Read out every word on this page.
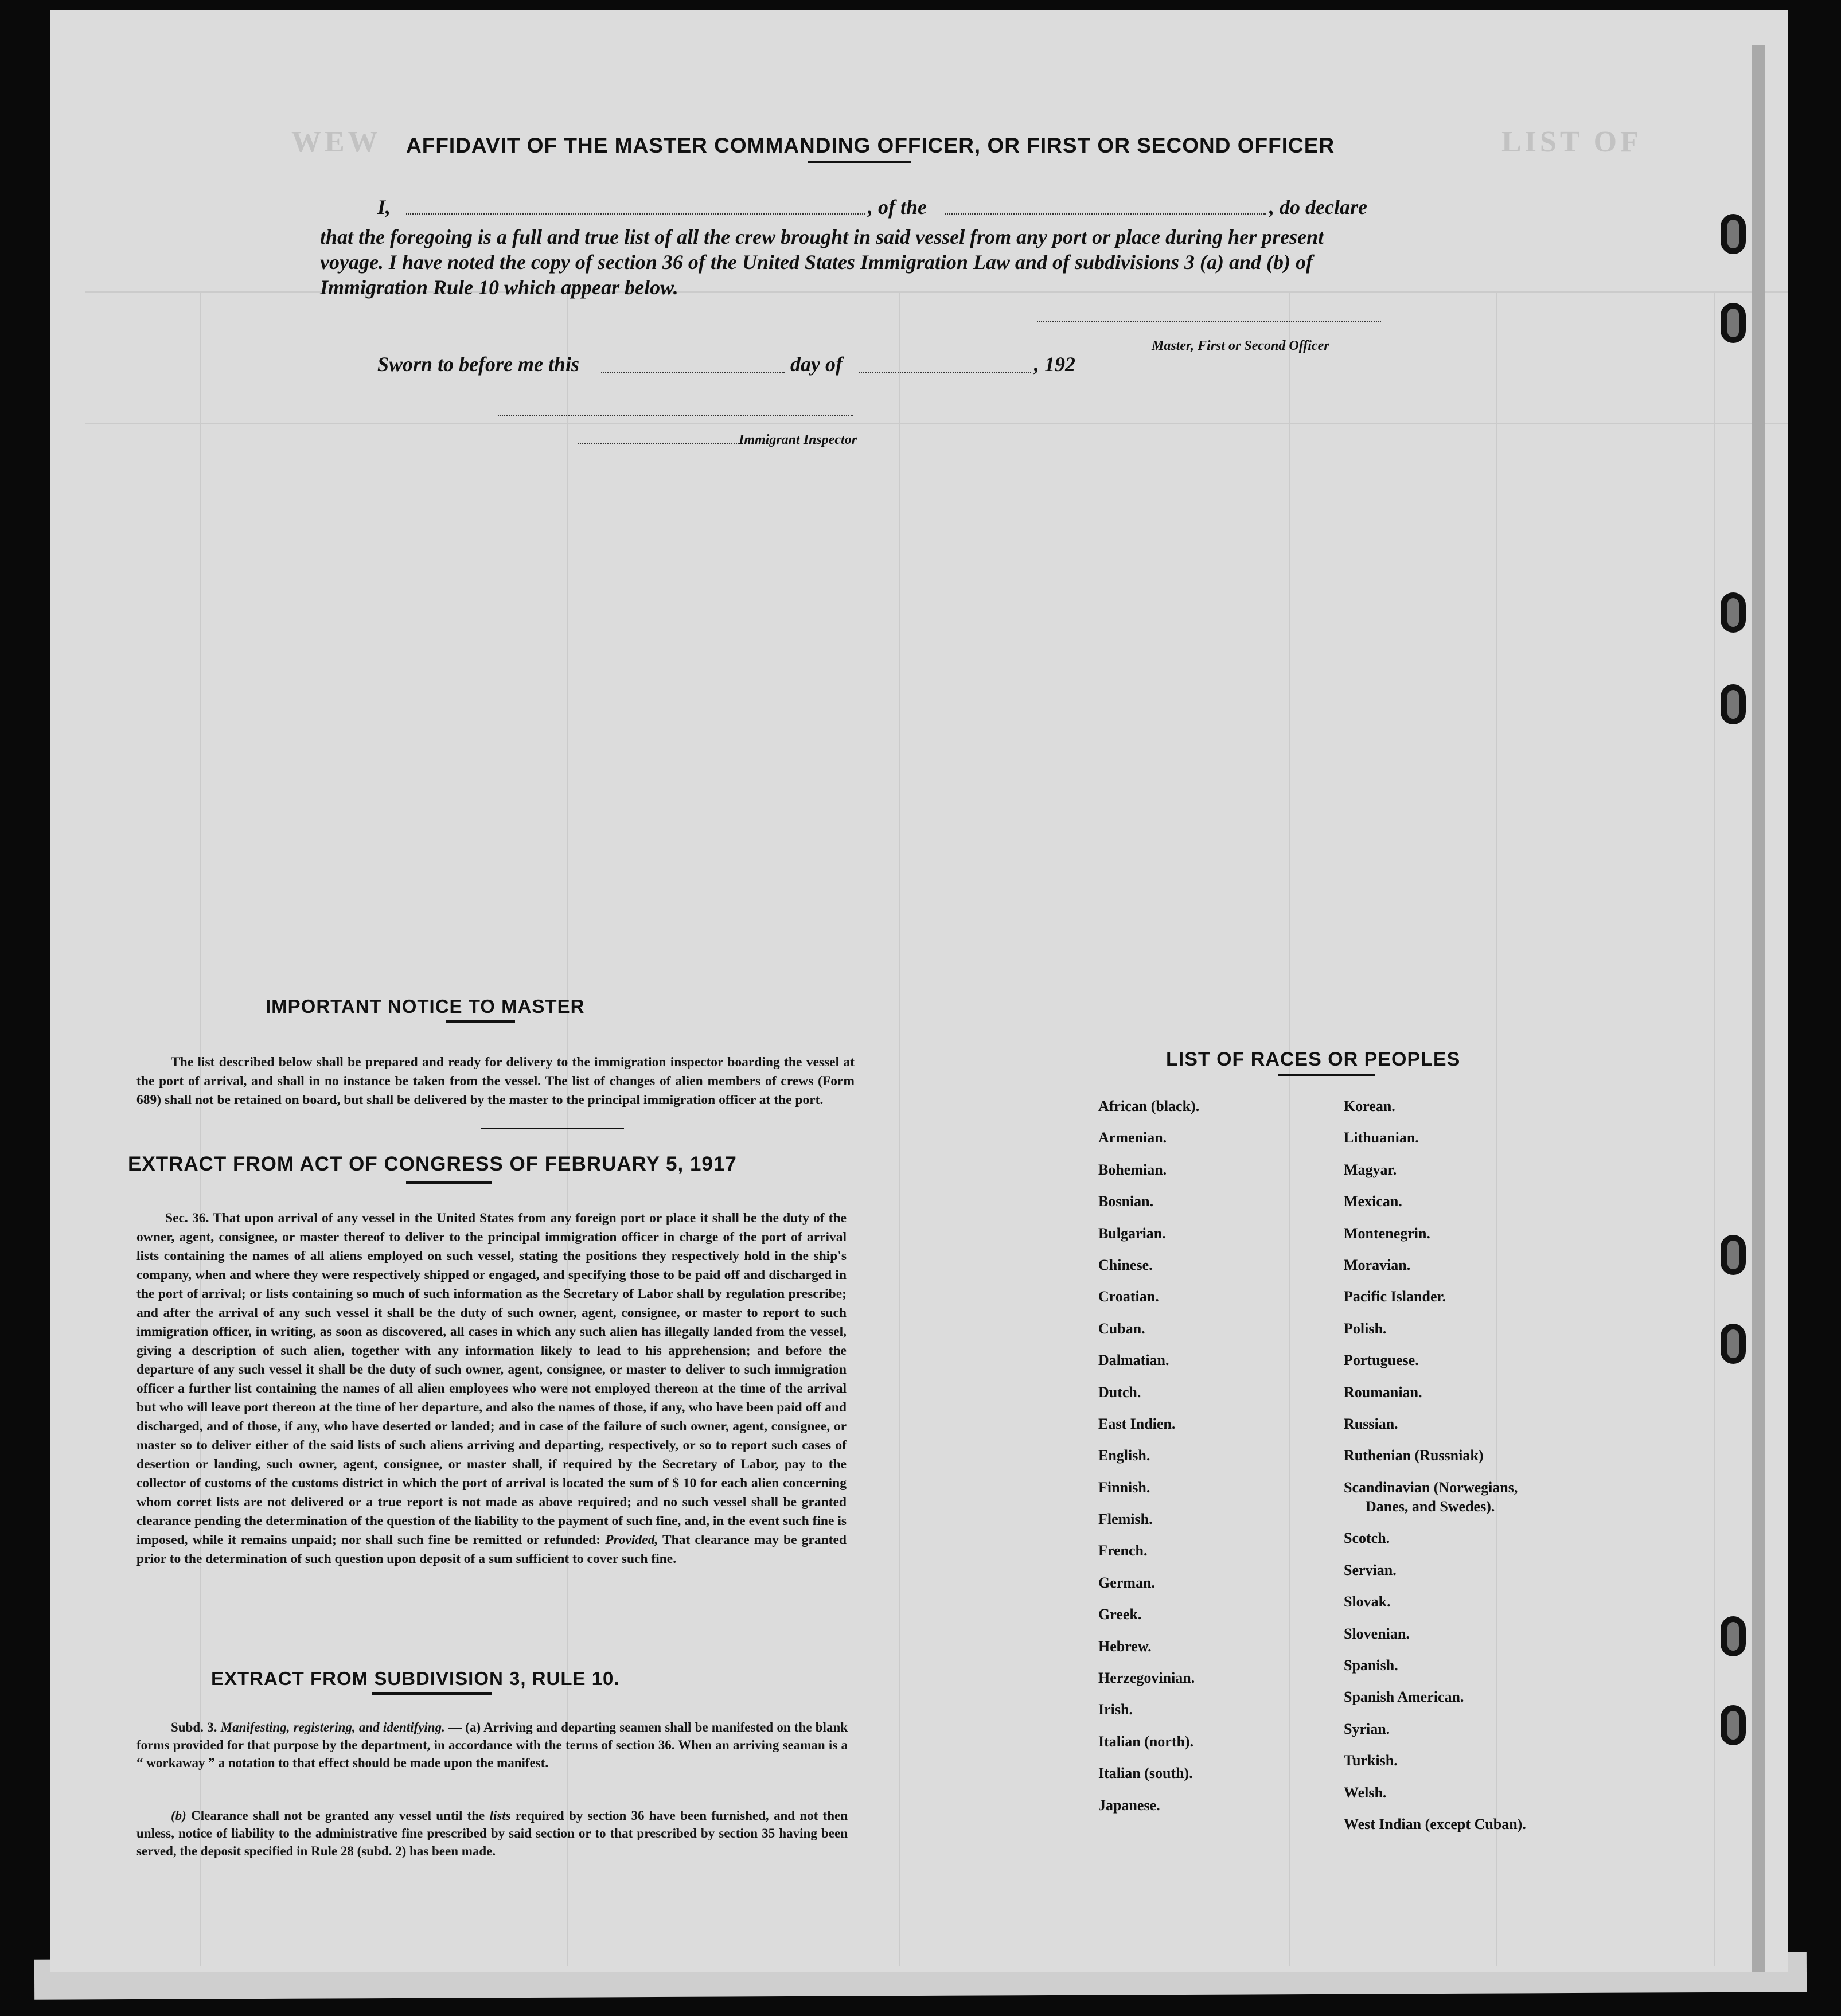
WEW	LIST OF
AFFIDAVIT OF THE MASTER COMMANDING OFFICER, OR FIRST OR SECOND OFFICER
I,	, of the	, do declare
that the foregoing is a full and true list of all the crew brought in said vessel from any port or place during her present
voyage. I have noted the copy of section 36 of the United States Immigration Law and of subdivisions 3 (a) and (b) of
Immigration Rule 10 which appear below.
Master, First or Second Officer
Sworn to before me this	day of	, 192
Immigrant Inspector
IMPORTANT NOTICE TO MASTER
The list described below shall be prepared and ready for delivery to the immigration inspector boarding the vessel at the port of arrival, and shall in no instance be taken from the vessel. The list of changes of alien members of crews (Form 689) shall not be retained on board, but shall be delivered by the master to the principal immigration officer at the port.
EXTRACT FROM ACT OF CONGRESS OF FEBRUARY 5, 1917
Sec. 36. That upon arrival of any vessel in the United States from any foreign port or place it shall be the duty of the owner, agent, consignee, or master thereof to deliver to the principal immigration officer in charge of the port of arrival lists containing the names of all aliens employed on such vessel, stating the positions they respectively hold in the ship's company, when and where they were respectively shipped or engaged, and specifying those to be paid off and discharged in the port of arrival; or lists containing so much of such information as the Secretary of Labor shall by regulation prescribe; and after the arrival of any such vessel it shall be the duty of such owner, agent, consignee, or master to report to such immigration officer, in writing, as soon as discovered, all cases in which any such alien has illegally landed from the vessel, giving a description of such alien, together with any information likely to lead to his apprehension; and before the departure of any such vessel it shall be the duty of such owner, agent, consignee, or master to deliver to such immigration officer a further list containing the names of all alien employees who were not employed thereon at the time of the arrival but who will leave port thereon at the time of her departure, and also the names of those, if any, who have been paid off and discharged, and of those, if any, who have deserted or landed; and in case of the failure of such owner, agent, consignee, or master so to deliver either of the said lists of such aliens arriving and departing, respectively, or so to report such cases of desertion or landing, such owner, agent, consignee, or master shall, if required by the Secretary of Labor, pay to the collector of customs of the customs district in which the port of arrival is located the sum of $ 10 for each alien concerning whom corret lists are not delivered or a true report is not made as above required; and no such vessel shall be granted clearance pending the determination of the question of the liability to the payment of such fine, and, in the event such fine is imposed, while it remains unpaid; nor shall such fine be remitted or refunded: Provided, That clearance may be granted prior to the determination of such question upon deposit of a sum sufficient to cover such fine.
EXTRACT FROM SUBDIVISION 3, RULE 10.
Subd. 3. Manifesting, registering, and identifying. — (a) Arriving and departing seamen shall be manifested on the blank forms provided for that purpose by the department, in accordance with the terms of section 36. When an arriving seaman is a “ workaway ” a notation to that effect should be made upon the manifest.
(b) Clearance shall not be granted any vessel until the lists required by section 36 have been furnished, and not then unless, notice of liability to the administrative fine prescribed by said section or to that prescribed by section 35 having been served, the deposit specified in Rule 28 (subd. 2) has been made.
LIST OF RACES OR PEOPLES
African (black).
Armenian.
Bohemian.
Bosnian.
Bulgarian.
Chinese.
Croatian.
Cuban.
Dalmatian.
Dutch.
East Indien.
English.
Finnish.
Flemish.
French.
German.
Greek.
Hebrew.
Herzegovinian.
Irish.
Italian (north).
Italian (south).
Japanese.
Korean.
Lithuanian.
Magyar.
Mexican.
Montenegrin.
Moravian.
Pacific Islander.
Polish.
Portuguese.
Roumanian.
Russian.
Ruthenian (Russniak)
Scandinavian (Norwegians,
Danes, and Swedes).
Scotch.
Servian.
Slovak.
Slovenian.
Spanish.
Spanish American.
Syrian.
Turkish.
Welsh.
West Indian (except Cuban).
